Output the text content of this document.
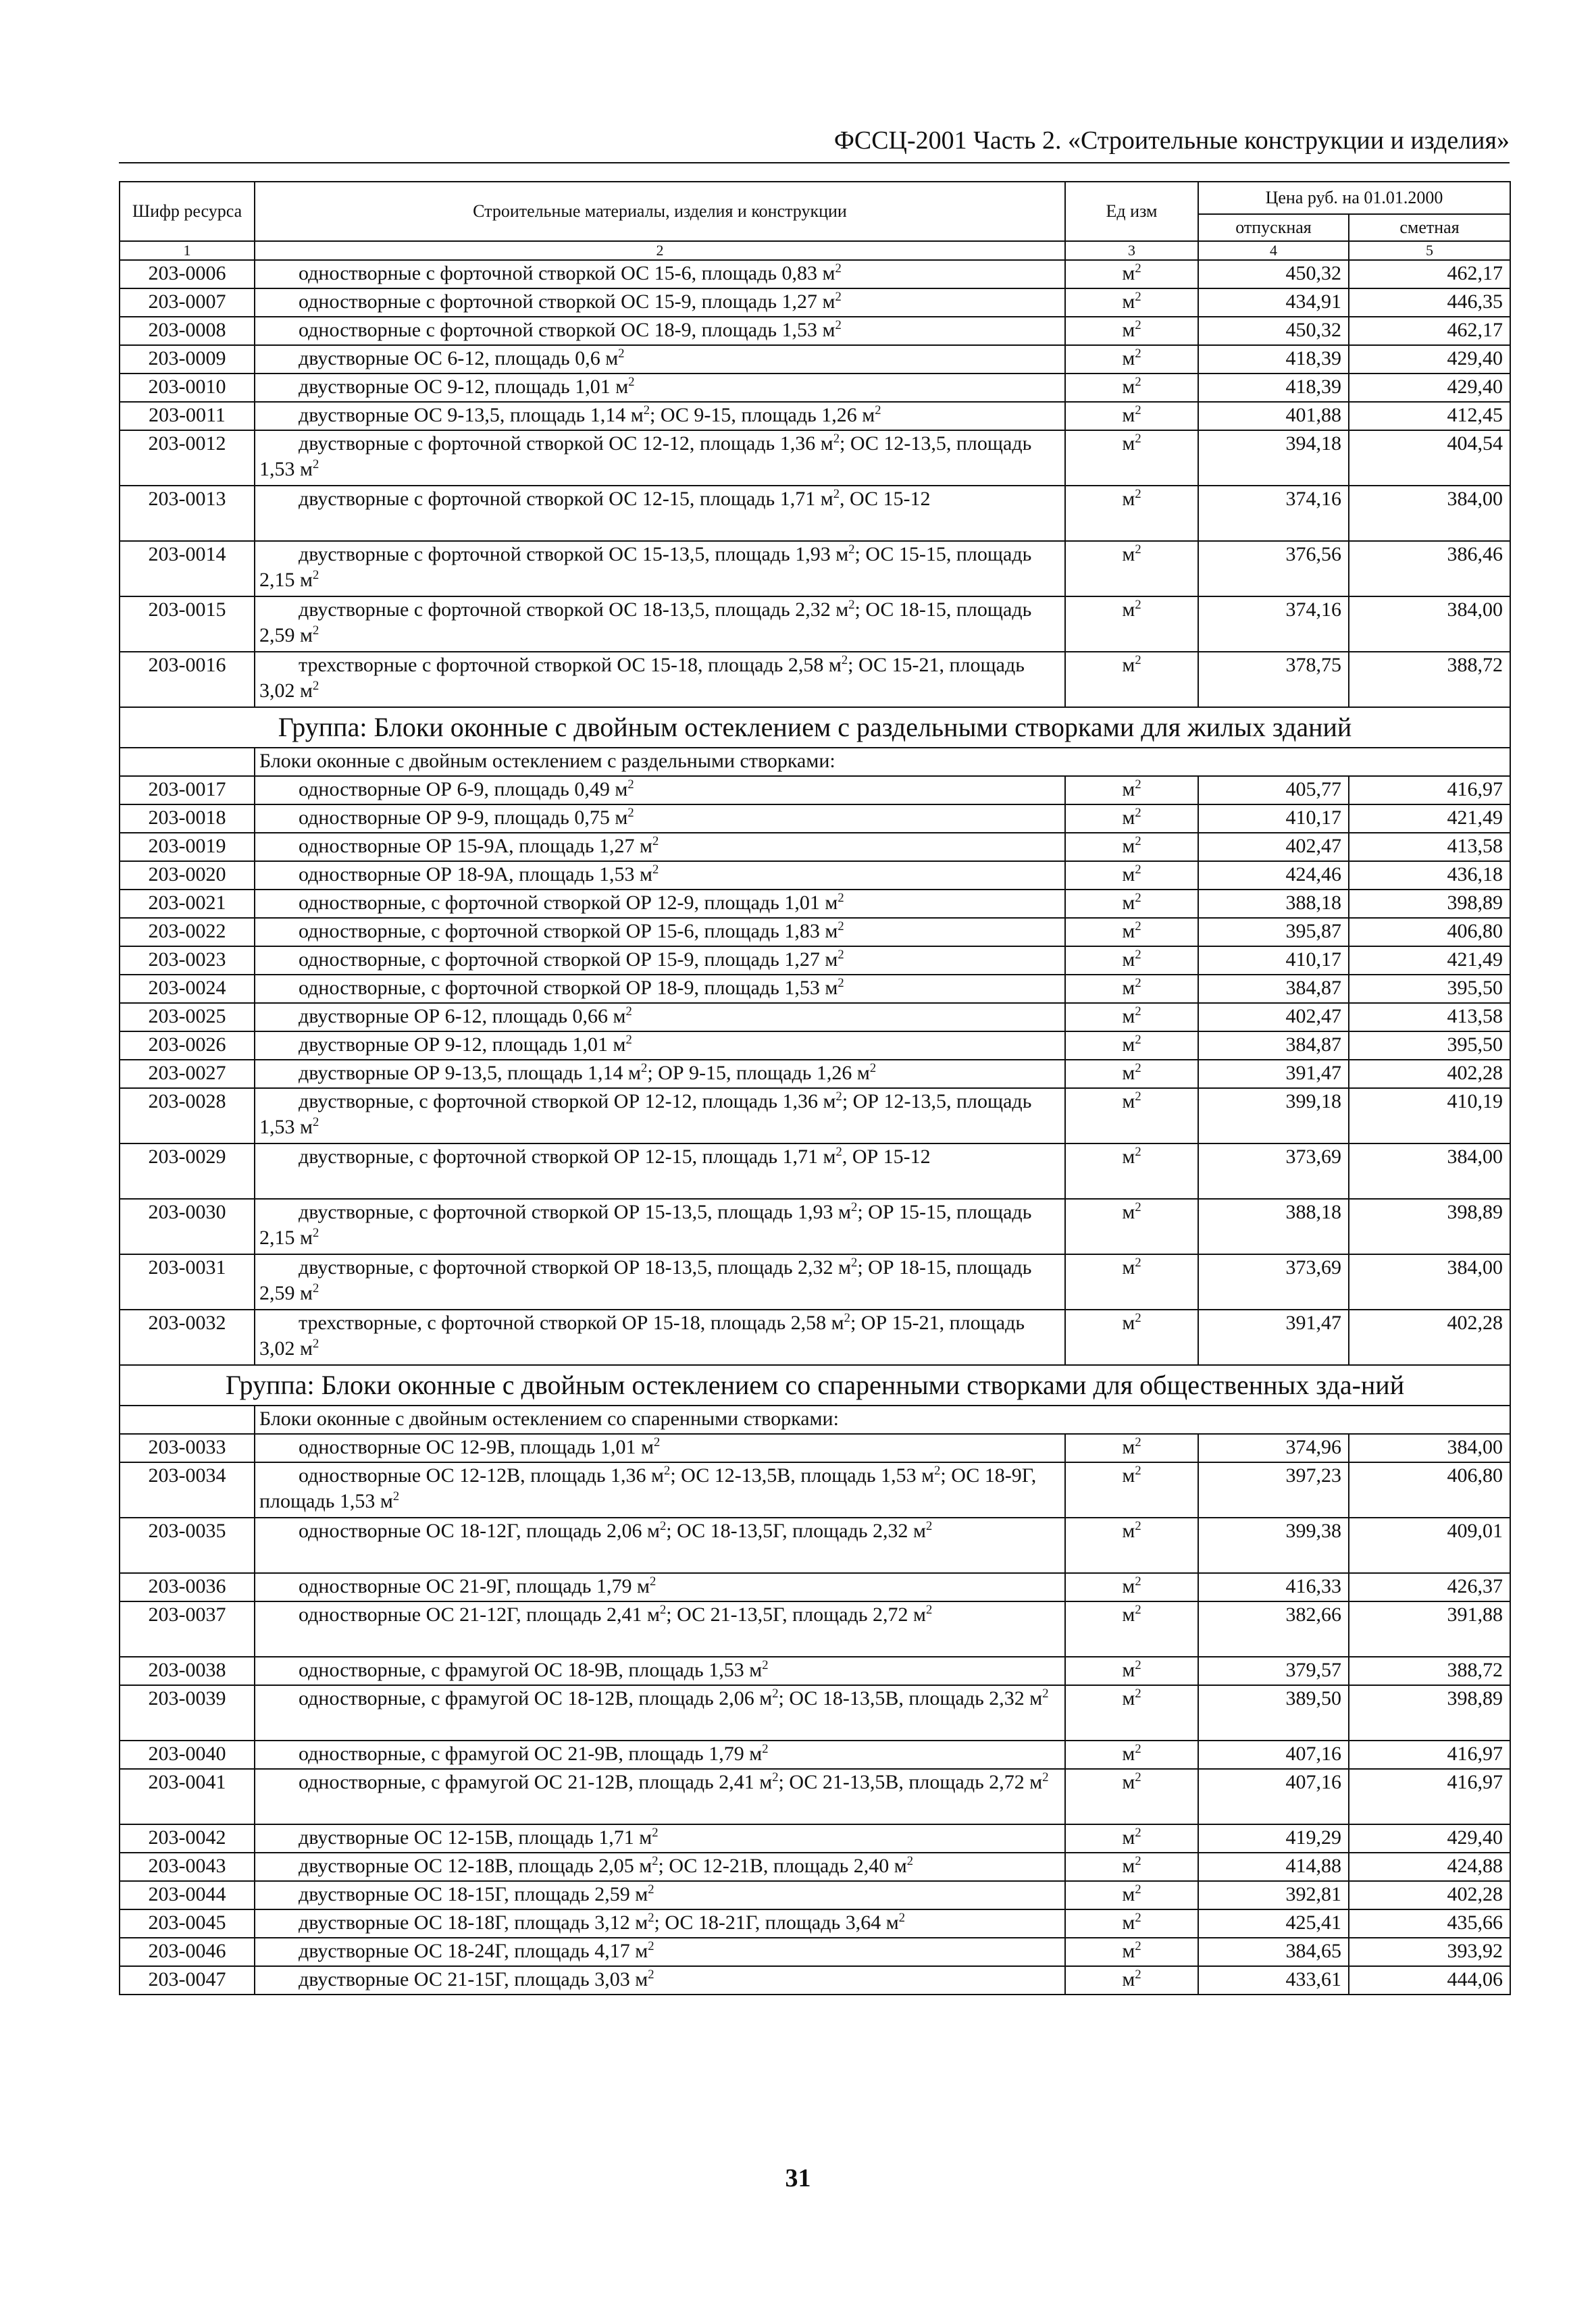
ФССЦ-2001 Часть 2. «Строительные конструкции и изделия»
Шифр ресурса	Строительные материалы, изделия и конструкции	Ед изм	Цена руб. на 01.01.2000	
			отпускная	сметная
1	2	3	4	5
203-0006	одностворные с форточной створкой ОС 15-6, площадь 0,83 $м^2$	$м^2$	450,32	462,17
203-0007	одностворные с форточной створкой ОС 15-9, площадь 1,27 $м^2$	$м^2$	434,91	446,35
203-0008	одностворные с форточной створкой ОС 18-9, площадь 1,53 $м^2$	$м^2$	450,32	462,17
203-0009	двустворные ОС 6-12, площадь 0,6 $м^2$	$м^2$	418,39	429,40
203-0010	двустворные ОС 9-12, площадь 1,01 $м^2$	$м^2$	418,39	429,40
203-0011	двустворные ОС 9-13,5, площадь 1,14 $м^2$; ОС 9-15, площадь 1,26 $м^2$	$м^2$	401,88	412,45
203-0012	двустворные с форточной створкой ОС 12-12, площадь 1,36 $м^2$; ОС 12-13,5, площадь 1,53 $м^2$	$м^2$	394,18	404,54
203-0013	двустворные с форточной створкой ОС 12-15, площадь 1,71 $м^2$, ОС 15-12	$м^2$	374,16	384,00
203-0014	двустворные с форточной створкой ОС 15-13,5, площадь 1,93 $м^2$; ОС 15-15, площадь 2,15 $м^2$	$м^2$	376,56	386,46
203-0015	двустворные с форточной створкой ОС 18-13,5, площадь 2,32 $м^2$; ОС 18-15, площадь 2,59 $м^2$	$м^2$	374,16	384,00
203-0016	трехстворные с форточной створкой ОС 15-18, площадь 2,58 $м^2$; ОС 15-21, площадь 3,02 $м^2$	$м^2$	378,75	388,72
Группа: Блоки оконные с двойным остеклением с раздельными створками для жилых зданий				
	Блоки оконные с двойным остеклением с раздельными створками:			
203-0017	одностворные ОР 6-9, площадь 0,49 $м^2$	$м^2$	405,77	416,97
203-0018	одностворные ОР 9-9, площадь 0,75 $м^2$	$м^2$	410,17	421,49
203-0019	одностворные ОР 15-9А, площадь 1,27 $м^2$	$м^2$	402,47	413,58
203-0020	одностворные ОР 18-9А, площадь 1,53 $м^2$	$м^2$	424,46	436,18
203-0021	одностворные, с форточной створкой ОР 12-9, площадь 1,01 $м^2$	$м^2$	388,18	398,89
203-0022	одностворные, с форточной створкой ОР 15-6, площадь 1,83 $м^2$	$м^2$	395,87	406,80
203-0023	одностворные, с форточной створкой ОР 15-9, площадь 1,27 $м^2$	$м^2$	410,17	421,49
203-0024	одностворные, с форточной створкой ОР 18-9, площадь 1,53 $м^2$	$м^2$	384,87	395,50
203-0025	двустворные ОР 6-12, площадь 0,66 $м^2$	$м^2$	402,47	413,58
203-0026	двустворные ОР 9-12, площадь 1,01 $м^2$	$м^2$	384,87	395,50
203-0027	двустворные ОР 9-13,5, площадь 1,14 $м^2$; ОР 9-15, площадь 1,26 $м^2$	$м^2$	391,47	402,28
203-0028	двустворные, с форточной створкой ОР 12-12, площадь 1,36 $м^2$; ОР 12-13,5, площадь 1,53 $м^2$	$м^2$	399,18	410,19
203-0029	двустворные, с форточной створкой ОР 12-15, площадь 1,71 $м^2$, ОР 15-12	$м^2$	373,69	384,00
203-0030	двустворные, с форточной створкой ОР 15-13,5, площадь 1,93 $м^2$; ОР 15-15, площадь 2,15 $м^2$	$м^2$	388,18	398,89
203-0031	двустворные, с форточной створкой ОР 18-13,5, площадь 2,32 $м^2$; ОР 18-15, площадь 2,59 $м^2$	$м^2$	373,69	384,00
203-0032	трехстворные, с форточной створкой ОР 15-18, площадь 2,58 $м^2$; ОР 15-21, площадь 3,02 $м^2$	$м^2$	391,47	402,28
Группа: Блоки оконные с двойным остеклением со спаренными створками для общественных зда-ний				
	Блоки оконные с двойным остеклением со спаренными створками:			
203-0033	одностворные ОС 12-9В, площадь 1,01 $м^2$	$м^2$	374,96	384,00
203-0034	одностворные ОС 12-12В, площадь 1,36 $м^2$; ОС 12-13,5В, площадь 1,53 $м^2$; ОС 18-9Г, площадь 1,53 $м^2$	$м^2$	397,23	406,80
203-0035	одностворные ОС 18-12Г, площадь 2,06 $м^2$; ОС 18-13,5Г, площадь 2,32 $м^2$	$м^2$	399,38	409,01
203-0036	одностворные ОС 21-9Г, площадь 1,79 $м^2$	$м^2$	416,33	426,37
203-0037	одностворные ОС 21-12Г, площадь 2,41 $м^2$; ОС 21-13,5Г, площадь 2,72 $м^2$	$м^2$	382,66	391,88
203-0038	одностворные, с фрамугой ОС 18-9В, площадь 1,53 $м^2$	$м^2$	379,57	388,72
203-0039	одностворные, с фрамугой ОС 18-12В, площадь 2,06 $м^2$; ОС 18-13,5В, площадь 2,32 $м^2$	$м^2$	389,50	398,89
203-0040	одностворные, с фрамугой ОС 21-9В, площадь 1,79 $м^2$	$м^2$	407,16	416,97
203-0041	одностворные, с фрамугой ОС 21-12В, площадь 2,41 $м^2$; ОС 21-13,5В, площадь 2,72 $м^2$	$м^2$	407,16	416,97
203-0042	двустворные ОС 12-15В, площадь 1,71 $м^2$	$м^2$	419,29	429,40
203-0043	двустворные ОС 12-18В, площадь 2,05 $м^2$; ОС 12-21В, площадь 2,40 $м^2$	$м^2$	414,88	424,88
203-0044	двустворные ОС 18-15Г, площадь 2,59 $м^2$	$м^2$	392,81	402,28
203-0045	двустворные ОС 18-18Г, площадь 3,12 $м^2$; ОС 18-21Г, площадь 3,64 $м^2$	$м^2$	425,41	435,66
203-0046	двустворные ОС 18-24Г, площадь 4,17 $м^2$	$м^2$	384,65	393,92
203-0047	двустворные ОС 21-15Г, площадь 3,03 $м^2$	$м^2$	433,61	444,06
31
